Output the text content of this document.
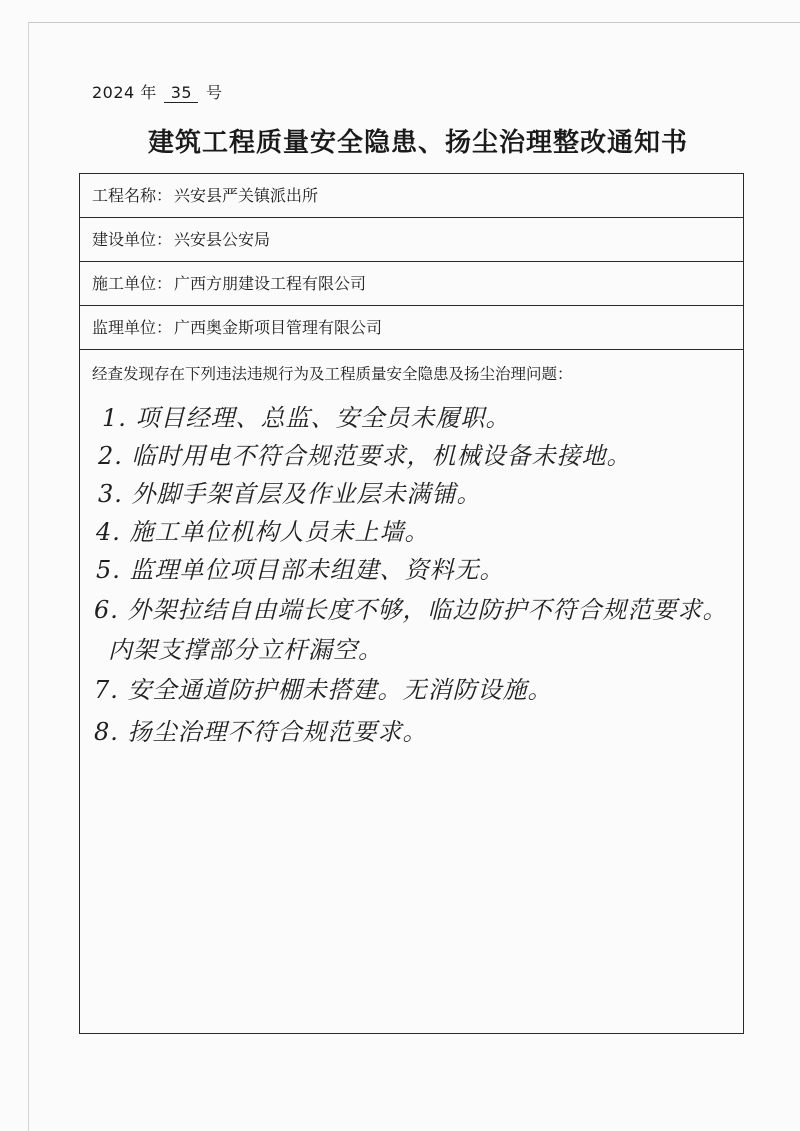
2024 年 35 号
建筑工程质量安全隐患、扬尘治理整改通知书
工程名称： 兴安县严关镇派出所
建设单位： 兴安县公安局
施工单位： 广西方朋建设工程有限公司
监理单位： 广西奥金斯项目管理有限公司
经查发现存在下列违法违规行为及工程质量安全隐患及扬尘治理问题：
1. 项目经理、总监、安全员未履职。
2. 临时用电不符合规范要求，机械设备未接地。
3. 外脚手架首层及作业层未满铺。
4. 施工单位机构人员未上墙。
5. 监理单位项目部未组建、资料无。
6. 外架拉结自由端长度不够，临边防护不符合规范要求。
内架支撑部分立杆漏空。
7. 安全通道防护棚未搭建。无消防设施。
8. 扬尘治理不符合规范要求。
